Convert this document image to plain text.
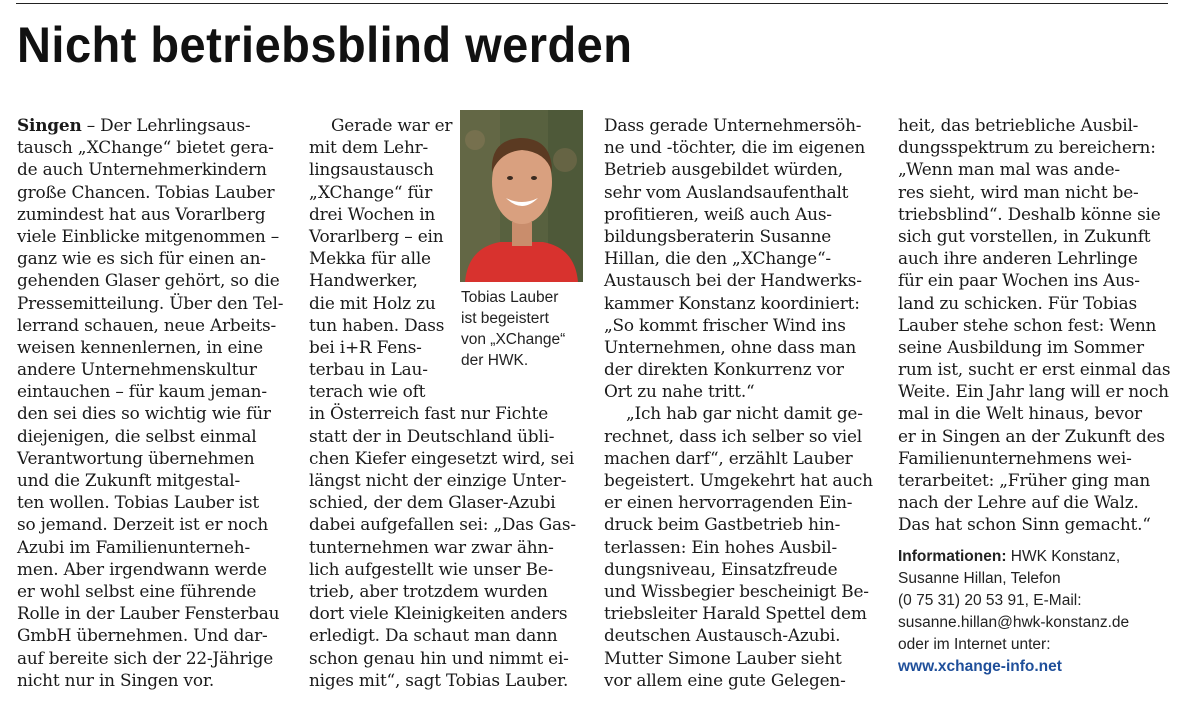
Nicht betriebsblind werden
Singen – Der Lehrlingsaus-
tausch „XChange“ bietet gera-
de auch Unternehmerkindern
große Chancen. Tobias Lauber
zumindest hat aus Vorarlberg
viele Einblicke mitgenommen –
ganz wie es sich für einen an-
gehenden Glaser gehört, so die
Pressemitteilung. Über den Tel-
lerrand schauen, neue Arbeits-
weisen kennenlernen, in eine
andere Unternehmenskultur
eintauchen – für kaum jeman-
den sei dies so wichtig wie für
diejenigen, die selbst einmal
Verantwortung übernehmen
und die Zukunft mitgestal-
ten wollen. Tobias Lauber ist
so jemand. Derzeit ist er noch
Azubi im Familienunterneh-
men. Aber irgendwann werde
er wohl selbst eine führende
Rolle in der Lauber Fensterbau
GmbH übernehmen. Und dar-
auf bereite sich der 22-Jährige
nicht nur in Singen vor.
Tobias Lauber
ist begeistert
von „XChange“
der HWK.
Gerade war er
mit dem Lehr-
lingsaustausch
„XChange“ für
drei Wochen in
Vorarlberg – ein
Mekka für alle
Handwerker,
die mit Holz zu
tun haben. Dass
bei i+R Fens-
terbau in Lau-
terach wie oft
in Österreich fast nur Fichte
statt der in Deutschland übli-
chen Kiefer eingesetzt wird, sei
längst nicht der einzige Unter-
schied, der dem Glaser-Azubi
dabei aufgefallen sei: „Das Gas-
tunternehmen war zwar ähn-
lich aufgestellt wie unser Be-
trieb, aber trotzdem wurden
dort viele Kleinigkeiten anders
erledigt. Da schaut man dann
schon genau hin und nimmt ei-
niges mit“, sagt Tobias Lauber.
Dass gerade Unternehmersöh-
ne und -töchter, die im eigenen
Betrieb ausgebildet würden,
sehr vom Auslandsaufenthalt
profitieren, weiß auch Aus-
bildungsberaterin Susanne
Hillan, die den „XChange“-
Austausch bei der Handwerks-
kammer Konstanz koordiniert:
„So kommt frischer Wind ins
Unternehmen, ohne dass man
der direkten Konkurrenz vor
Ort zu nahe tritt.“
„Ich hab gar nicht damit ge-
rechnet, dass ich selber so viel
machen darf“, erzählt Lauber
begeistert. Umgekehrt hat auch
er einen hervorragenden Ein-
druck beim Gastbetrieb hin-
terlassen: Ein hohes Ausbil-
dungsniveau, Einsatzfreude
und Wissbegier bescheinigt Be-
triebsleiter Harald Spettel dem
deutschen Austausch-Azubi.
Mutter Simone Lauber sieht
vor allem eine gute Gelegen-
heit, das betriebliche Ausbil-
dungsspektrum zu bereichern:
„Wenn man mal was ande-
res sieht, wird man nicht be-
triebsblind“. Deshalb könne sie
sich gut vorstellen, in Zukunft
auch ihre anderen Lehrlinge
für ein paar Wochen ins Aus-
land zu schicken. Für Tobias
Lauber stehe schon fest: Wenn
seine Ausbildung im Sommer
rum ist, sucht er erst einmal das
Weite. Ein Jahr lang will er noch
mal in die Welt hinaus, bevor
er in Singen an der Zukunft des
Familienunternehmens wei-
terarbeitet: „Früher ging man
nach der Lehre auf die Walz.
Das hat schon Sinn gemacht.“
Informationen: HWK Konstanz,
Susanne Hillan, Telefon
(0 75 31) 20 53 91, E-Mail:
susanne.hillan@hwk-konstanz.de
oder im Internet unter:
www.xchange-info.net
